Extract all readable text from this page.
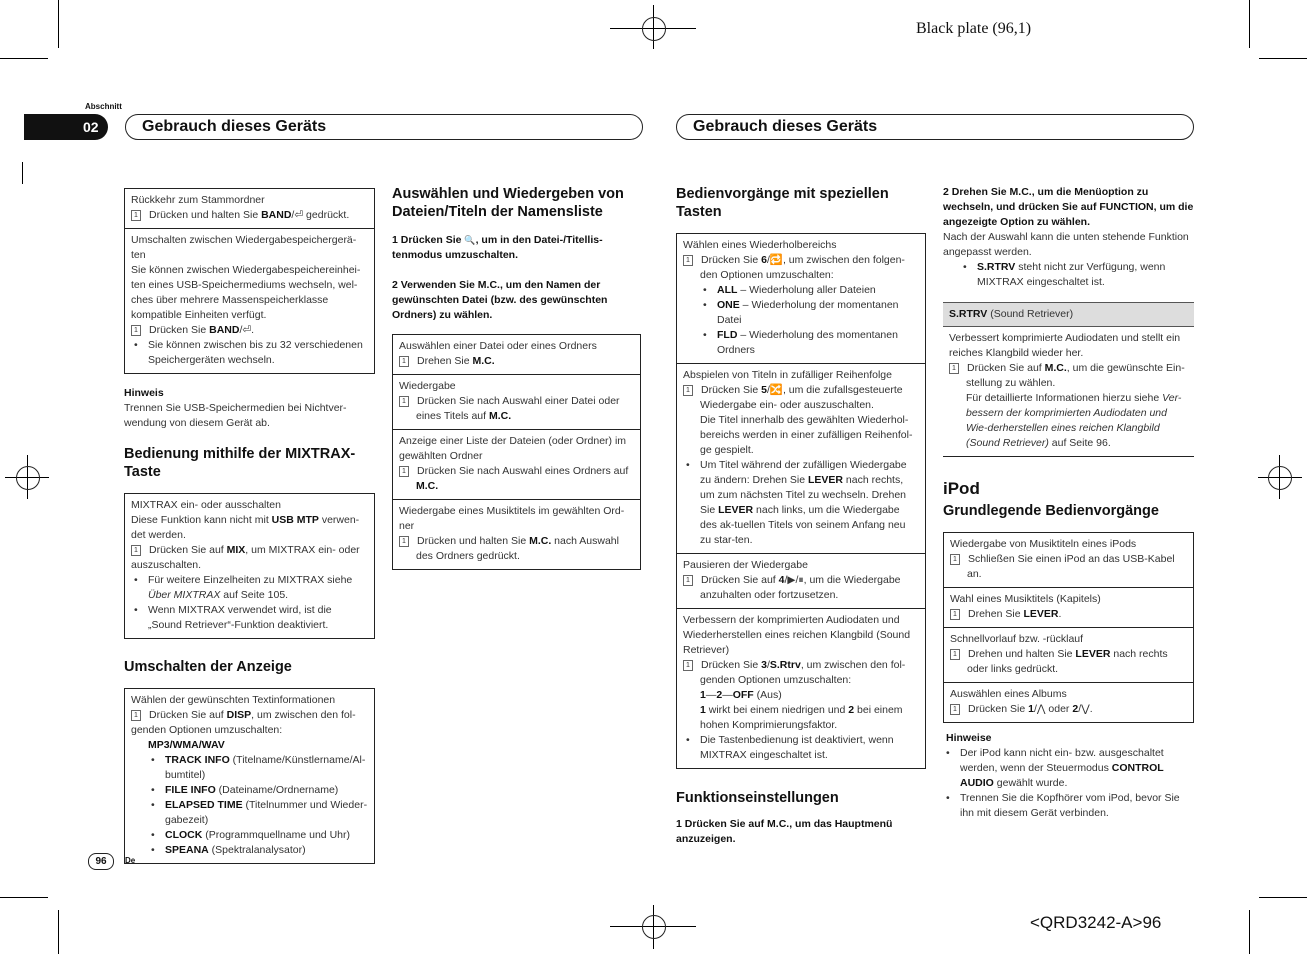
Black plate (96,1)
<QRD3242-A>96
Abschnitt
02	Gebrauch dieses Geräts	Gebrauch dieses Geräts
Rückkehr zum Stammordner
1 Drücken und halten Sie BAND/⏎ gedrückt.
Umschalten zwischen Wiedergabespeichergerä-ten
Sie können zwischen Wiedergabespeichereinhei-ten eines USB-Speichermediums wechseln, wel-ches über mehrere Massenspeicherklasse kompatible Einheiten verfügt.
1 Drücken Sie BAND/⏎.
• Sie können zwischen bis zu 32 verschiedenen Speichergeräten wechseln.
Hinweis
Trennen Sie USB-Speichermedien bei Nichtver-wendung von diesem Gerät ab.
Bedienung mithilfe der MIXTRAX-Taste
MIXTRAX ein- oder ausschalten
Diese Funktion kann nicht mit USB MTP verwen-det werden.
1 Drücken Sie auf MIX, um MIXTRAX ein- oder auszuschalten.
• Für weitere Einzelheiten zu MIXTRAX siehe Über MIXTRAX auf Seite 105.
• Wenn MIXTRAX verwendet wird, ist die „Sound Retriever“-Funktion deaktiviert.
Umschalten der Anzeige
Wählen der gewünschten Textinformationen
1 Drücken Sie auf DISP, um zwischen den fol-genden Optionen umzuschalten:
MP3/WMA/WAV
• TRACK INFO (Titelname/Künstlername/Al-bumtitel)
• FILE INFO (Dateiname/Ordnername)
• ELAPSED TIME (Titelnummer und Wieder-gabezeit)
• CLOCK (Programmquellname und Uhr)
• SPEANA (Spektralanalysator)
Auswählen und Wiedergeben von Dateien/Titeln der Namensliste
1 Drücken Sie 🔍, um in den Datei-/Titellis-tenmodus umzuschalten.
2 Verwenden Sie M.C., um den Namen der gewünschten Datei (bzw. des gewünschten Ordners) zu wählen.
Auswählen einer Datei oder eines Ordners
1 Drehen Sie M.C.
Wiedergabe
1 Drücken Sie nach Auswahl einer Datei oder eines Titels auf M.C.
Anzeige einer Liste der Dateien (oder Ordner) im gewählten Ordner
1 Drücken Sie nach Auswahl eines Ordners auf M.C.
Wiedergabe eines Musiktitels im gewählten Ord-ner
1 Drücken und halten Sie M.C. nach Auswahl des Ordners gedrückt.
Bedienvorgänge mit speziellen Tasten
Wählen eines Wiederholbereichs
1 Drücken Sie 6/🔁, um zwischen den folgen-den Optionen umzuschalten:
• ALL – Wiederholung aller Dateien
• ONE – Wiederholung der momentanen Datei
• FLD – Wiederholung des momentanen Ordners
Abspielen von Titeln in zufälliger Reihenfolge
1 Drücken Sie 5/🔀, um die zufallsgesteuerte Wiedergabe ein- oder auszuschalten.
Die Titel innerhalb des gewählten Wiederhol-bereichs werden in einer zufälligen Reihenfol-ge gespielt.
• Um Titel während der zufälligen Wiedergabe zu ändern: Drehen Sie LEVER nach rechts, um zum nächsten Titel zu wechseln. Drehen Sie LEVER nach links, um die Wiedergabe des ak-tuellen Titels von seinem Anfang neu zu star-ten.
Pausieren der Wiedergabe
1 Drücken Sie auf 4/▶/⏸, um die Wiedergabe anzuhalten oder fortzusetzen.
Verbessern der komprimierten Audiodaten und Wiederherstellen eines reichen Klangbild (Sound Retriever)
1 Drücken Sie 3/S.Rtrv, um zwischen den fol-genden Optionen umzuschalten:
1—2—OFF (Aus)
1 wirkt bei einem niedrigen und 2 bei einem hohen Komprimierungsfaktor.
• Die Tastenbedienung ist deaktiviert, wenn MIXTRAX eingeschaltet ist.
Funktionseinstellungen
1 Drücken Sie auf M.C., um das Hauptmenü anzuzeigen.
2 Drehen Sie M.C., um die Menüoption zu wechseln, und drücken Sie auf FUNCTION, um die angezeigte Option zu wählen.
Nach der Auswahl kann die unten stehende Funktion angepasst werden.
• S.RTRV steht nicht zur Verfügung, wenn MIXTRAX eingeschaltet ist.
S.RTRV (Sound Retriever)
Verbessert komprimierte Audiodaten und stellt ein reiches Klangbild wieder her.
1 Drücken Sie auf M.C., um die gewünschte Ein-stellung zu wählen.
Für detaillierte Informationen hierzu siehe Ver-bessern der komprimierten Audiodaten und Wie-derherstellen eines reichen Klangbild (Sound Retriever) auf Seite 96.
iPod
Grundlegende Bedienvorgänge
Wiedergabe von Musiktiteln eines iPods
1 Schließen Sie einen iPod an das USB-Kabel an.
Wahl eines Musiktitels (Kapitels)
1 Drehen Sie LEVER.
Schnellvorlauf bzw. -rücklauf
1 Drehen und halten Sie LEVER nach rechts oder links gedrückt.
Auswählen eines Albums
1 Drücken Sie 1/⋀ oder 2/⋁.
Hinweise
• Der iPod kann nicht ein- bzw. ausgeschaltet werden, wenn der Steuermodus CONTROL AUDIO gewählt wurde.
• Trennen Sie die Kopfhörer vom iPod, bevor Sie ihn mit diesem Gerät verbinden.
96	De
